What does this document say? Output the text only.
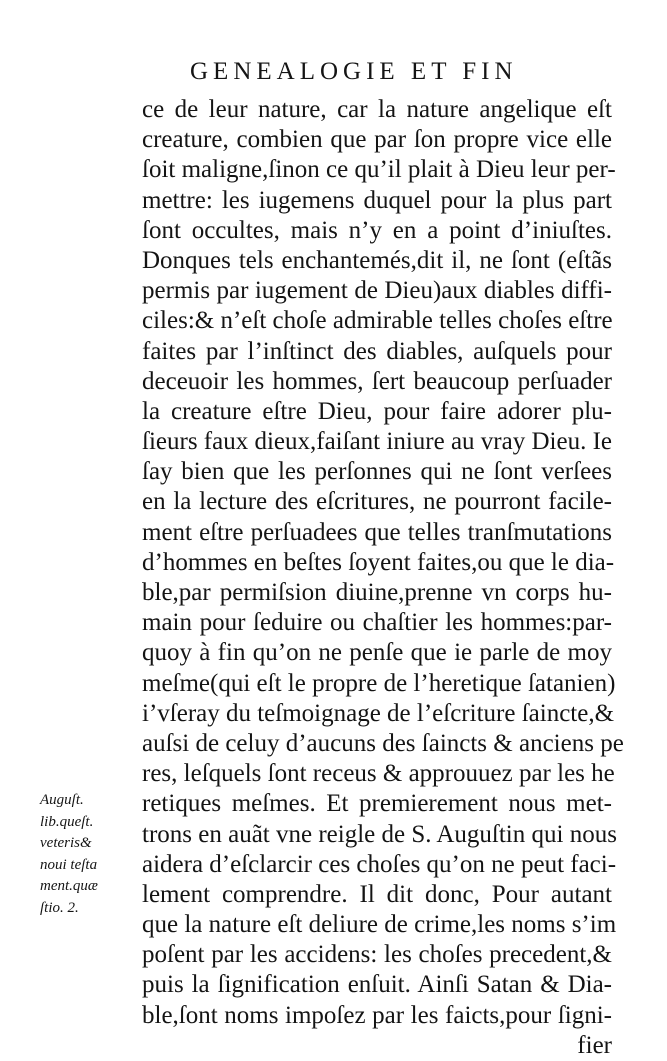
GENEALOGIE ET FIN
ce de leur nature, car la nature angelique eſt
creature, combien que par ſon propre vice elle
ſoit maligne,ſinon ce qu’il plait à Dieu leur per-
mettre: les iugemens duquel pour la plus part
ſont occultes, mais n’y en a point d’iniuſtes.
Donques tels enchantemés,dit il, ne ſont (eſtãs
permis par iugement de Dieu)aux diables diffi-
ciles:& n’eſt choſe admirable telles choſes eſtre
faites par l’inſtinct des diables, auſquels pour
deceuoir les hommes, ſert beaucoup perſuader
la creature eſtre Dieu, pour faire adorer plu-
ſieurs faux dieux,faiſant iniure au vray Dieu. Ie
ſay bien que les perſonnes qui ne ſont verſees
en la lecture des eſcritures, ne pourront facile-
ment eſtre perſuadees que telles tranſmutations
d’hommes en beſtes ſoyent faites,ou que le dia-
ble,par permiſsion diuine,prenne vn corps hu-
main pour ſeduire ou chaſtier les hommes:par-
quoy à fin qu’on ne penſe que ie parle de moy
meſme(qui eſt le propre de l’heretique ſatanien)
i’vſeray du teſmoignage de l’eſcriture ſaincte,&
auſsi de celuy d’aucuns des ſaincts & anciens pe
res, leſquels ſont receus & approuuez par les he
retiques meſmes. Et premierement nous met-
trons en auãt vne reigle de S. Auguſtin qui nous
aidera d’eſclarcir ces choſes qu’on ne peut faci-
lement comprendre. Il dit donc, Pour autant
que la nature eſt deliure de crime,les noms s’im
poſent par les accidens: les choſes precedent,&
puis la ſignification enſuit. Ainſi Satan & Dia-
ble,ſont noms impoſez par les faicts,pour ſigni-
fier
Auguſt.
lib.queſt.
veteris&
noui teſta
ment.quæ
ſtio. 2.
